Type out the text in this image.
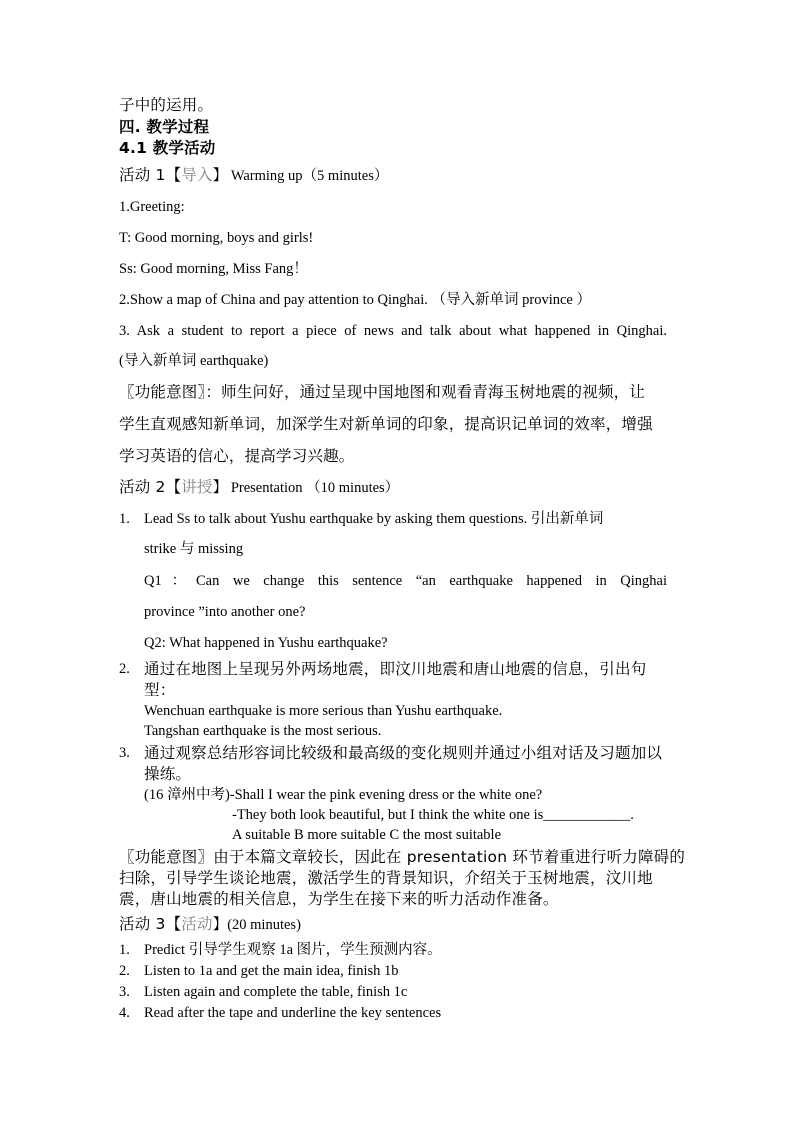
子中的运用。
四. 教学过程
4.1 教学活动
活动 1【导入】 Warming up（5 minutes）
1.Greeting:
T: Good morning, boys and girls!
Ss: Good morning, Miss Fang！
2.Show a map of China and pay attention to Qinghai. （导入新单词 province ）
3. Ask a student to report a piece of news and talk about what happened in Qinghai.
(导入新单词 earthquake)
〖功能意图〗：师生问好，通过呈现中国地图和观看青海玉树地震的视频，让
学生直观感知新单词，加深学生对新单词的印象，提高识记单词的效率，增强
学习英语的信心，提高学习兴趣。
活动 2【讲授】 Presentation （10 minutes）
1. Lead Ss to talk about Yushu earthquake by asking them questions. 引出新单词
strike 与 missing
Q1：Can we change this sentence “an earthquake happened in Qinghai
province ”into another one?
Q2: What happened in Yushu earthquake?
2. 通过在地图上呈现另外两场地震，即汶川地震和唐山地震的信息，引出句
型：
Wenchuan earthquake is more serious than Yushu earthquake.
Tangshan earthquake is the most serious.
3. 通过观察总结形容词比较级和最高级的变化规则并通过小组对话及习题加以
操练。
(16 漳州中考)-Shall I wear the pink evening dress or the white one?
-They both look beautiful, but I think the white one is____________.
A suitable B more suitable C the most suitable
〖功能意图〗由于本篇文章较长，因此在 presentation 环节着重进行听力障碍的
扫除，引导学生谈论地震，激活学生的背景知识，介绍关于玉树地震，汶川地
震，唐山地震的相关信息，为学生在接下来的听力活动作准备。
活动 3【活动】(20 minutes)
1. Predict 引导学生观察 1a 图片，学生预测内容。
2. Listen to 1a and get the main idea, finish 1b
3. Listen again and complete the table, finish 1c
4. Read after the tape and underline the key sentences
